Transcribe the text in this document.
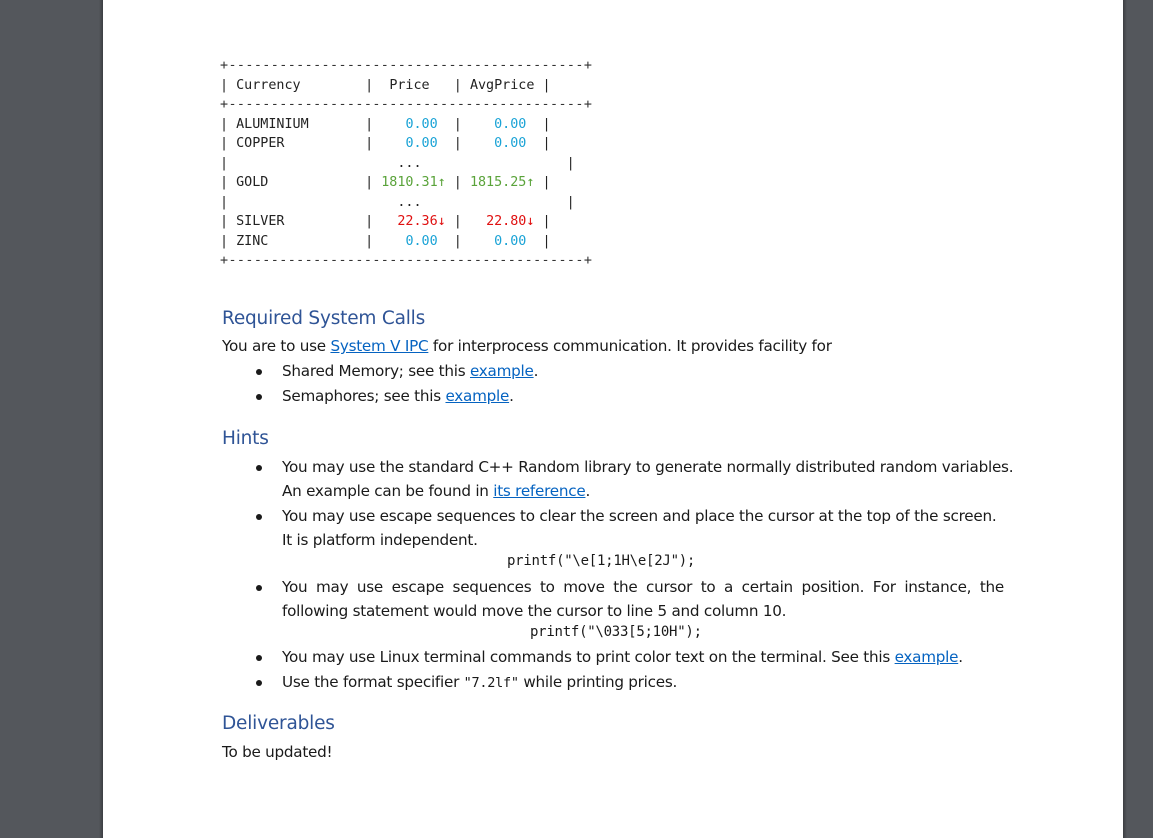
+------------------------------------------+
| Currency        |  Price   | AvgPrice |
+------------------------------------------+
| ALUMINIUM       |    0.00  |    0.00  |
| COPPER          |    0.00  |    0.00  |
|                     ...                  |
| GOLD            | 1810.31↑ | 1815.25↑ |
|                     ...                  |
| SILVER          |   22.36↓ |   22.80↓ |
| ZINC            |    0.00  |    0.00  |
+------------------------------------------+
Required System Calls
You are to use System V IPC for interprocess communication. It provides facility for
Shared Memory; see this example.
Semaphores; see this example.
Hints
You may use the standard C++ Random library to generate normally distributed random variables.
An example can be found in its reference.
You may use escape sequences to clear the screen and place the cursor at the top of the screen.
It is platform independent.
printf("\e[1;1H\e[2J");
You may use escape sequences to move the cursor to a certain position. For instance, the
following statement would move the cursor to line 5 and column 10.
printf("\033[5;10H");
You may use Linux terminal commands to print color text on the terminal. See this example.
Use the format specifier "7.2lf" while printing prices.
Deliverables
To be updated!
